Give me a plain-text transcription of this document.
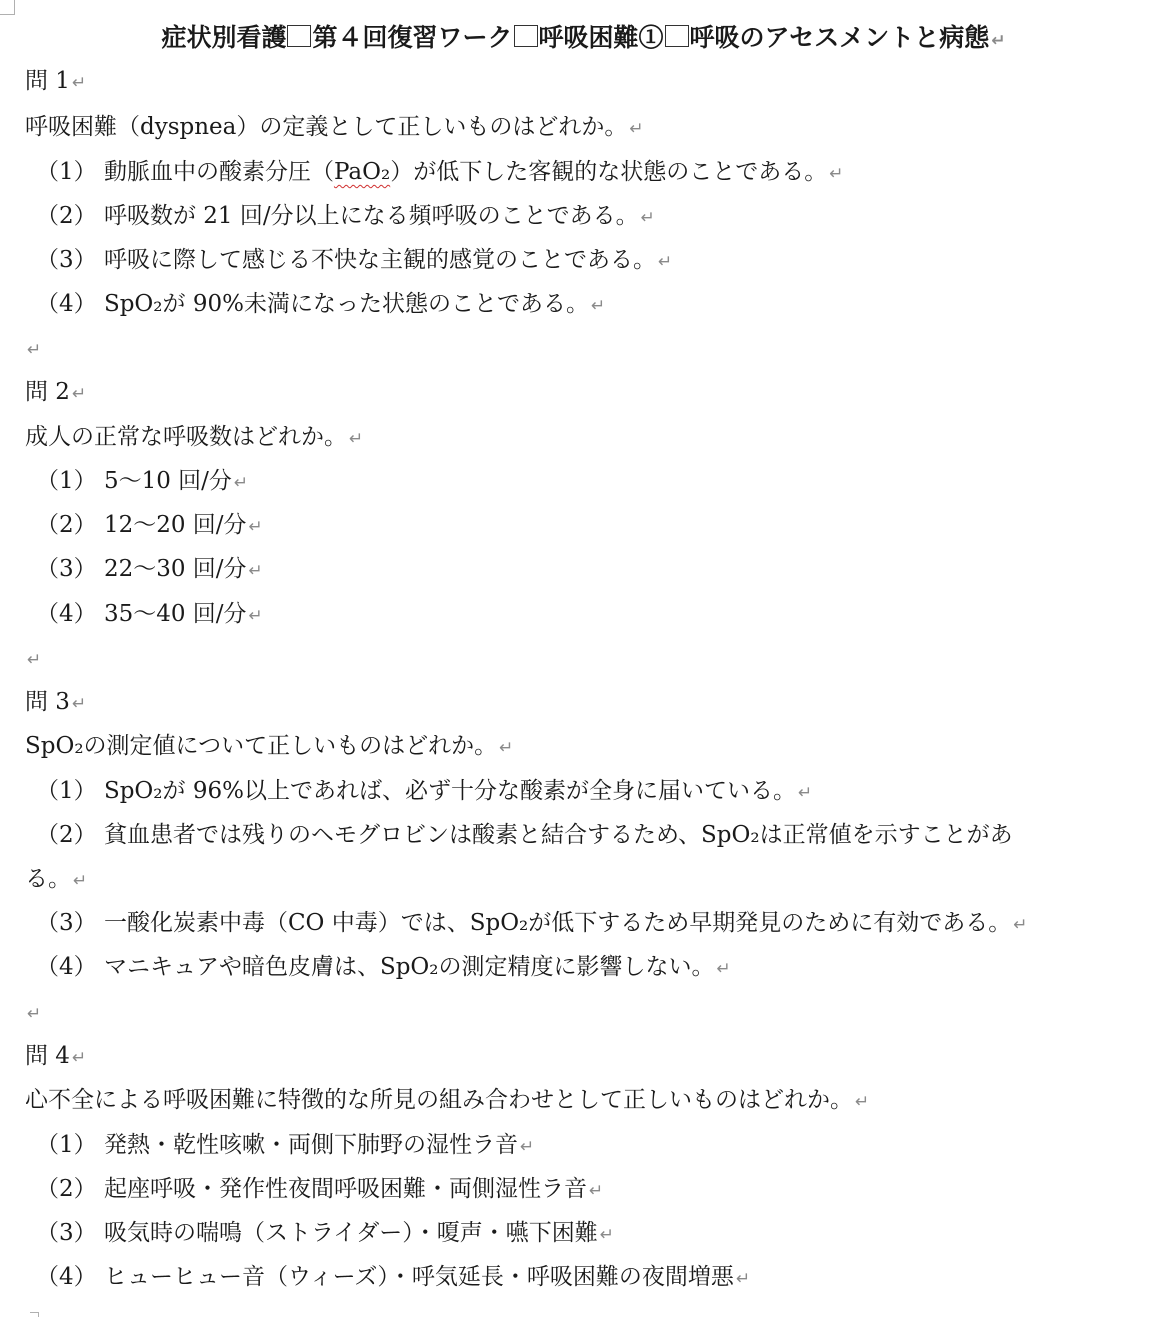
症状別看護 第４回復習ワーク 呼吸困難① 呼吸のアセスメントと病態 ↵
問 1 ↵
呼吸困難（dyspnea）の定義として正しいものはどれか。 ↵
（1） 動脈血中の酸素分圧（PaO₂）が低下した客観的な状態のことである。 ↵
（2） 呼吸数が 21 回/分以上になる頻呼吸のことである。 ↵
（3） 呼吸に際して感じる不快な主観的感覚のことである。 ↵
（4） SpO₂が 90%未満になった状態のことである。 ↵
↵
問 2 ↵
成人の正常な呼吸数はどれか。 ↵
（1） 5～10 回/分 ↵
（2） 12～20 回/分 ↵
（3） 22～30 回/分 ↵
（4） 35～40 回/分 ↵
↵
問 3 ↵
SpO₂の測定値について正しいものはどれか。 ↵
（1） SpO₂が 96%以上であれば、必ず十分な酸素が全身に届いている。 ↵
（2） 貧血患者では残りのヘモグロビンは酸素と結合するため、SpO₂は正常値を示すことがあ
る。 ↵
（3） 一酸化炭素中毒（CO 中毒）では、SpO₂が低下するため早期発見のために有効である。 ↵
（4） マニキュアや暗色皮膚は、SpO₂の測定精度に影響しない。 ↵
↵
問 4 ↵
心不全による呼吸困難に特徴的な所見の組み合わせとして正しいものはどれか。 ↵
（1） 発熱・乾性咳嗽・両側下肺野の湿性ラ音 ↵
（2） 起座呼吸・発作性夜間呼吸困難・両側湿性ラ音 ↵
（3） 吸気時の喘鳴（ストライダー）・嗄声・嚥下困難 ↵
（4） ヒューヒュー音（ウィーズ）・呼気延長・呼吸困難の夜間増悪 ↵
